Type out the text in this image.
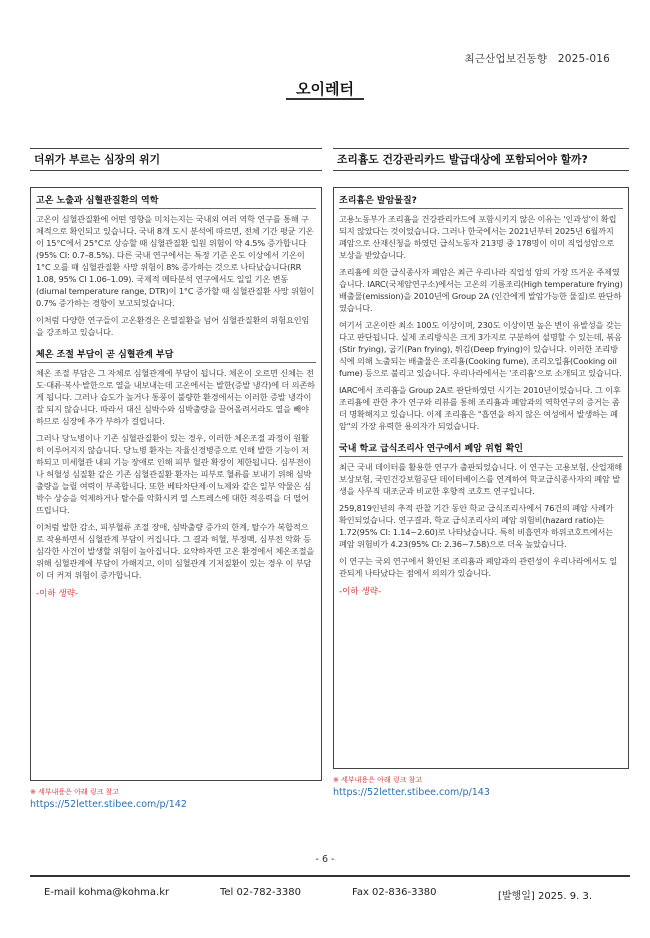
최근산업보건동향 2025-016
오이레터
더위가 부르는 심장의 위기
고온 노출과 심혈관질환의 역학

고온이 심혈관질환에 어떤 영향을 미치는지는 국내외 여러 역학 연구를 통해 구체적으로 확인되고 있습니다. 국내 8개 도시 분석에 따르면, 전체 기간 평균 기온이 15°C에서 25°C로 상승할 때 심혈관질환 입원 위험이 약 4.5% 증가합니다 (95% CI: 0.7–8.5%). 다른 국내 연구에서는 특정 기준 온도 이상에서 기온이 1°C 오를 때 심혈관질환 사망 위험이 8% 증가하는 것으로 나타났습니다(RR 1.08, 95% CI 1.06–1.09). 국제적 메타분석 연구에서도 일일 기온 변동(diurnal temperature range, DTR)이 1°C 증가할 때 심혈관질환 사망 위험이 0.7% 증가하는 경향이 보고되었습니다.

이처럼 다양한 연구들이 고온환경은 온열질환을 넘어 심혈관질환의 위험요인임을 강조하고 있습니다.

체온 조절 부담이 곧 심혈관계 부담

체온 조절 부담은 그 자체로 심혈관계에 부담이 됩니다. 체온이 오르면 신체는 전도·대류·복사·발한으로 열을 내보내는데 고온에서는 발한(증발 냉각)에 더 의존하게 됩니다. 그러나 습도가 높거나 통풍이 불량한 환경에서는 이러한 증발 냉각이 잘 되지 않습니다. 따라서 대신 심박수와 심박출량을 끌어올려서라도 열을 빼야 하므로 심장에 추가 부하가 걸립니다.

그러나 당뇨병이나 기존 심혈관질환이 있는 경우, 이러한 체온조절 과정이 원활히 이루어지지 않습니다. 당뇨병 환자는 자율신경병증으로 인해 발한 기능이 저하되고 미세혈관 내피 기능 장애로 인해 피부 혈관 확장이 제한됩니다. 심부전이나 허혈성 심질환 같은 기존 심혈관질환 환자는 피부로 혈류를 보내기 위해 심박출량을 늘릴 여력이 부족합니다. 또한 베타차단제·이뇨제와 같은 일부 약물은 심박수 상승을 억제하거나 탈수를 악화시켜 열 스트레스에 대한 적응력을 더 떨어뜨립니다.

이처럼 발한 감소, 피부혈류 조절 장애, 심박출량 증가의 한계, 탈수가 복합적으로 작용하면서 심혈관계 부담이 커집니다. 그 결과 허혈, 부정맥, 심부전 악화 등 심각한 사건이 발생할 위험이 높아집니다. 요약하자면 고온 환경에서 체온조절을 위해 심혈관계에 부담이 가해지고, 이미 심혈관계 기저질환이 있는 경우 이 부담이 더 커져 위험이 증가합니다.

-이하 생략-
※ 세부내용은 아래 링크 참고
https://52letter.stibee.com/p/142
조리흄도 건강관리카드 발급대상에 포함되어야 할까?
조리흄은 발암물질?

고용노동부가 조리흄을 건강관리카드에 포함시키지 않은 이유는 '인과성'이 확립되지 않았다는 것이었습니다. 그러나 한국에서는 2021년부터 2025년 6월까지 폐암으로 산재신청을 하였던 급식노동자 213명 중 178명이 이미 직업성암으로 보상을 받았습니다.

조리흄에 의한 급식종사자 폐암은 최근 우리나라 직업성 암의 가장 뜨거운 주제였습니다. IARC(국제암연구소)에서는 고온의 기름조리(High temperature frying) 배출물(emission)을 2010년에 Group 2A (인간에게 발암가능한 물질)로 판단하였습니다.

여기서 고온이란 최소 100도 이상이며, 230도 이상이면 높은 변이 유발성을 갖는다고 판단됩니다. 실제 조리방식은 크게 3가지로 구분하여 설명할 수 있는데, 볶음(Stir frying), 굽기(Pan frying), 튀김(Deep frying)이 있습니다. 이러한 조리방식에 의해 노출되는 배출물은 조리흄(Cooking fume), 조리오일흄(Cooking oil fume) 등으로 불리고 있습니다. 우리나라에서는 '조리흄'으로 소개되고 있습니다.

IARC에서 조리흄을 Group 2A로 판단하였던 시기는 2010년이었습니다. 그 이후 조리흄에 관한 추가 연구와 리뷰를 통해 조리흄과 폐암과의 역학연구의 증거는 좀 더 명확해지고 있습니다. 이제 조리흄은 "흡연을 하지 않은 여성에서 발생하는 폐암"의 가장 유력한 용의자가 되었습니다.

국내 학교 급식조리사 연구에서 폐암 위험 확인

최근 국내 데이터를 활용한 연구가 출판되었습니다. 이 연구는 고용보험, 산업재해보상보험, 국민건강보험공단 데이터베이스를 연계하여 학교급식종사자의 폐암 발생을 사무직 대조군과 비교한 후향적 코호트 연구입니다.

259,819인년의 추적 관찰 기간 동안 학교 급식조리사에서 76건의 폐암 사례가 확인되었습니다. 연구결과, 학교 급식조리사의 폐암 위험비(hazard ratio)는 1.72(95% CI: 1.14~2.60)로 나타났습니다. 특히 비흡연자 하위코호트에서는 폐암 위험비가 4.23(95% CI: 2.36~7.58)으로 더욱 높았습니다.

이 연구는 국외 연구에서 확인된 조리흄과 폐암과의 관련성이 우리나라에서도 일관되게 나타났다는 점에서 의의가 있습니다.

-이하 생략-
※ 세부내용은 아래 링크 참고
https://52letter.stibee.com/p/143
- 6 -
E-mail kohma@kohma.kr	Tel 02-782-3380	Fax 02-836-3380	[발행일] 2025. 9. 3.
